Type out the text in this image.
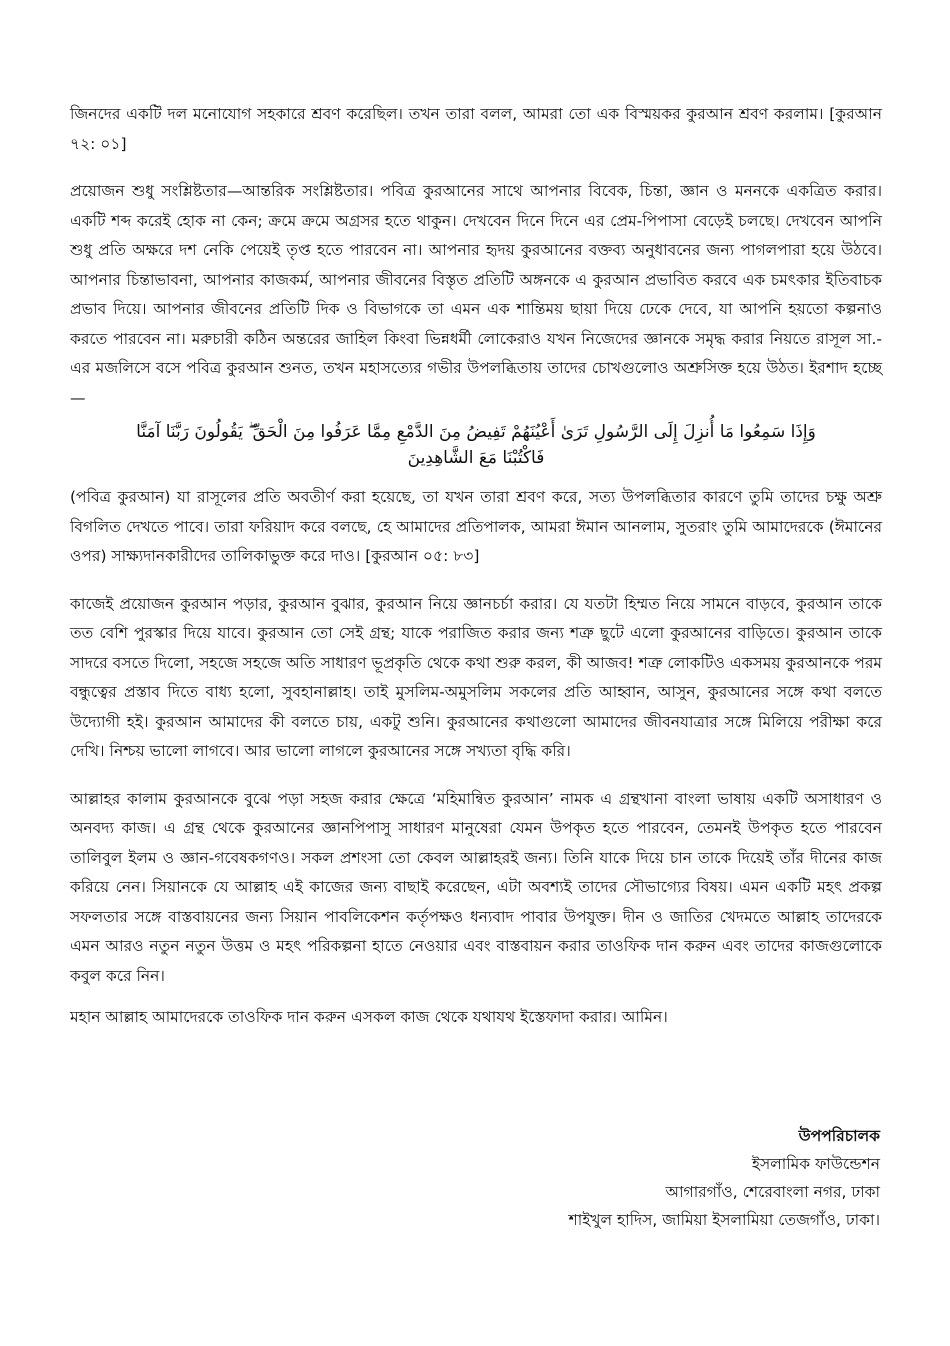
জিনদের একটি দল মনোযোগ সহকারে শ্রবণ করেছিল। তখন তারা বলল, আমরা তো এক বিস্ময়কর কুরআন শ্রবণ করলাম। [কুরআন ৭২: ০১]

প্রয়োজন শুধু সংশ্লিষ্টতার—আন্তরিক সংশ্লিষ্টতার। পবিত্র কুরআনের সাথে আপনার বিবেক, চিন্তা, জ্ঞান ও মননকে একত্রিত করার। একটি শব্দ করেই হোক না কেন; ক্রমে ক্রমে অগ্রসর হতে থাকুন। দেখবেন দিনে দিনে এর প্রেম-পিপাসা বেড়েই চলছে। দেখবেন আপনি শুধু প্রতি অক্ষরে দশ নেকি পেয়েই তৃপ্ত হতে পারবেন না। আপনার হৃদয় কুরআনের বক্তব্য অনুধাবনের জন্য পাগলপারা হয়ে উঠবে। আপনার চিন্তাভাবনা, আপনার কাজকর্ম, আপনার জীবনের বিস্তৃত প্রতিটি অঙ্গনকে এ কুরআন প্রভাবিত করবে এক চমৎকার ইতিবাচক প্রভাব দিয়ে। আপনার জীবনের প্রতিটি দিক ও বিভাগকে তা এমন এক শান্তিময় ছায়া দিয়ে ঢেকে দেবে, যা আপনি হয়তো কল্পনাও করতে পারবেন না। মরুচারী কঠিন অন্তরের জাহিল কিংবা ভিন্নধর্মী লোকেরাও যখন নিজেদের জ্ঞানকে সমৃদ্ধ করার নিয়তে রাসূল সা.-এর মজলিসে বসে পবিত্র কুরআন শুনত, তখন মহাসত্যের গভীর উপলব্ধিতায় তাদের চোখগুলোও অশ্রুসিক্ত হয়ে উঠত। ইরশাদ হচ্ছে—

وَإِذَا سَمِعُوا مَا أُنزِلَ إِلَى الرَّسُولِ تَرَىٰ أَعْيُنَهُمْ تَفِيضُ مِنَ الدَّمْعِ مِمَّا عَرَفُوا مِنَ الْحَقِّ ۖ يَقُولُونَ رَبَّنَا آمَنَّا
فَاكْتُبْنَا مَعَ الشَّاهِدِينَ

(পবিত্র কুরআন) যা রাসূলের প্রতি অবতীর্ণ করা হয়েছে, তা যখন তারা শ্রবণ করে, সত্য উপলব্ধিতার কারণে তুমি তাদের চক্ষু অশ্রু বিগলিত দেখতে পাবে। তারা ফরিয়াদ করে বলছে, হে আমাদের প্রতিপালক, আমরা ঈমান আনলাম, সুতরাং তুমি আমাদেরকে (ঈমানের ওপর) সাক্ষ্যদানকারীদের তালিকাভুক্ত করে দাও। [কুরআন ০৫: ৮৩]

কাজেই প্রয়োজন কুরআন পড়ার, কুরআন বুঝার, কুরআন নিয়ে জ্ঞানচর্চা করার। যে যতটা হিম্মত নিয়ে সামনে বাড়বে, কুরআন তাকে তত বেশি পুরস্কার দিয়ে যাবে। কুরআন তো সেই গ্রন্থ; যাকে পরাজিত করার জন্য শত্রু ছুটে এলো কুরআনের বাড়িতে। কুরআন তাকে সাদরে বসতে দিলো, সহজে সহজে অতি সাধারণ ভূপ্রকৃতি থেকে কথা শুরু করল, কী আজব! শত্রু লোকটিও একসময় কুরআনকে পরম বন্ধুত্বের প্রস্তাব দিতে বাধ্য হলো, সুবহানাল্লাহ। তাই মুসলিম-অমুসলিম সকলের প্রতি আহ্বান, আসুন, কুরআনের সঙ্গে কথা বলতে উদ্যোগী হই। কুরআন আমাদের কী বলতে চায়, একটু শুনি। কুরআনের কথাগুলো আমাদের জীবনযাত্রার সঙ্গে মিলিয়ে পরীক্ষা করে দেখি। নিশ্চয় ভালো লাগবে। আর ভালো লাগলে কুরআনের সঙ্গে সখ্যতা বৃদ্ধি করি।

আল্লাহর কালাম কুরআনকে বুঝে পড়া সহজ করার ক্ষেত্রে ‘মহিমান্বিত কুরআন’ নামক এ গ্রন্থখানা বাংলা ভাষায় একটি অসাধারণ ও অনবদ্য কাজ। এ গ্রন্থ থেকে কুরআনের জ্ঞানপিপাসু সাধারণ মানুষেরা যেমন উপকৃত হতে পারবেন, তেমনই উপকৃত হতে পারবেন তালিবুল ইলম ও জ্ঞান-গবেষকগণও। সকল প্রশংসা তো কেবল আল্লাহরই জন্য। তিনি যাকে দিয়ে চান তাকে দিয়েই তাঁর দীনের কাজ করিয়ে নেন। সিয়ানকে যে আল্লাহ এই কাজের জন্য বাছাই করেছেন, এটা অবশ্যই তাদের সৌভাগ্যের বিষয়। এমন একটি মহৎ প্রকল্প সফলতার সঙ্গে বাস্তবায়নের জন্য সিয়ান পাবলিকেশন কর্তৃপক্ষও ধন্যবাদ পাবার উপযুক্ত। দীন ও জাতির খেদমতে আল্লাহ তাদেরকে এমন আরও নতুন নতুন উত্তম ও মহৎ পরিকল্পনা হাতে নেওয়ার এবং বাস্তবায়ন করার তাওফিক দান করুন এবং তাদের কাজগুলোকে কবুল করে নিন।

মহান আল্লাহ আমাদেরকে তাওফিক দান করুন এসকল কাজ থেকে যথাযথ ইস্তেফাদা করার। আমিন।

উপপরিচালক
ইসলামিক ফাউন্ডেশন
আগারগাঁও, শেরেবাংলা নগর, ঢাকা
শাইখুল হাদিস, জামিয়া ইসলামিয়া তেজগাঁও, ঢাকা।
